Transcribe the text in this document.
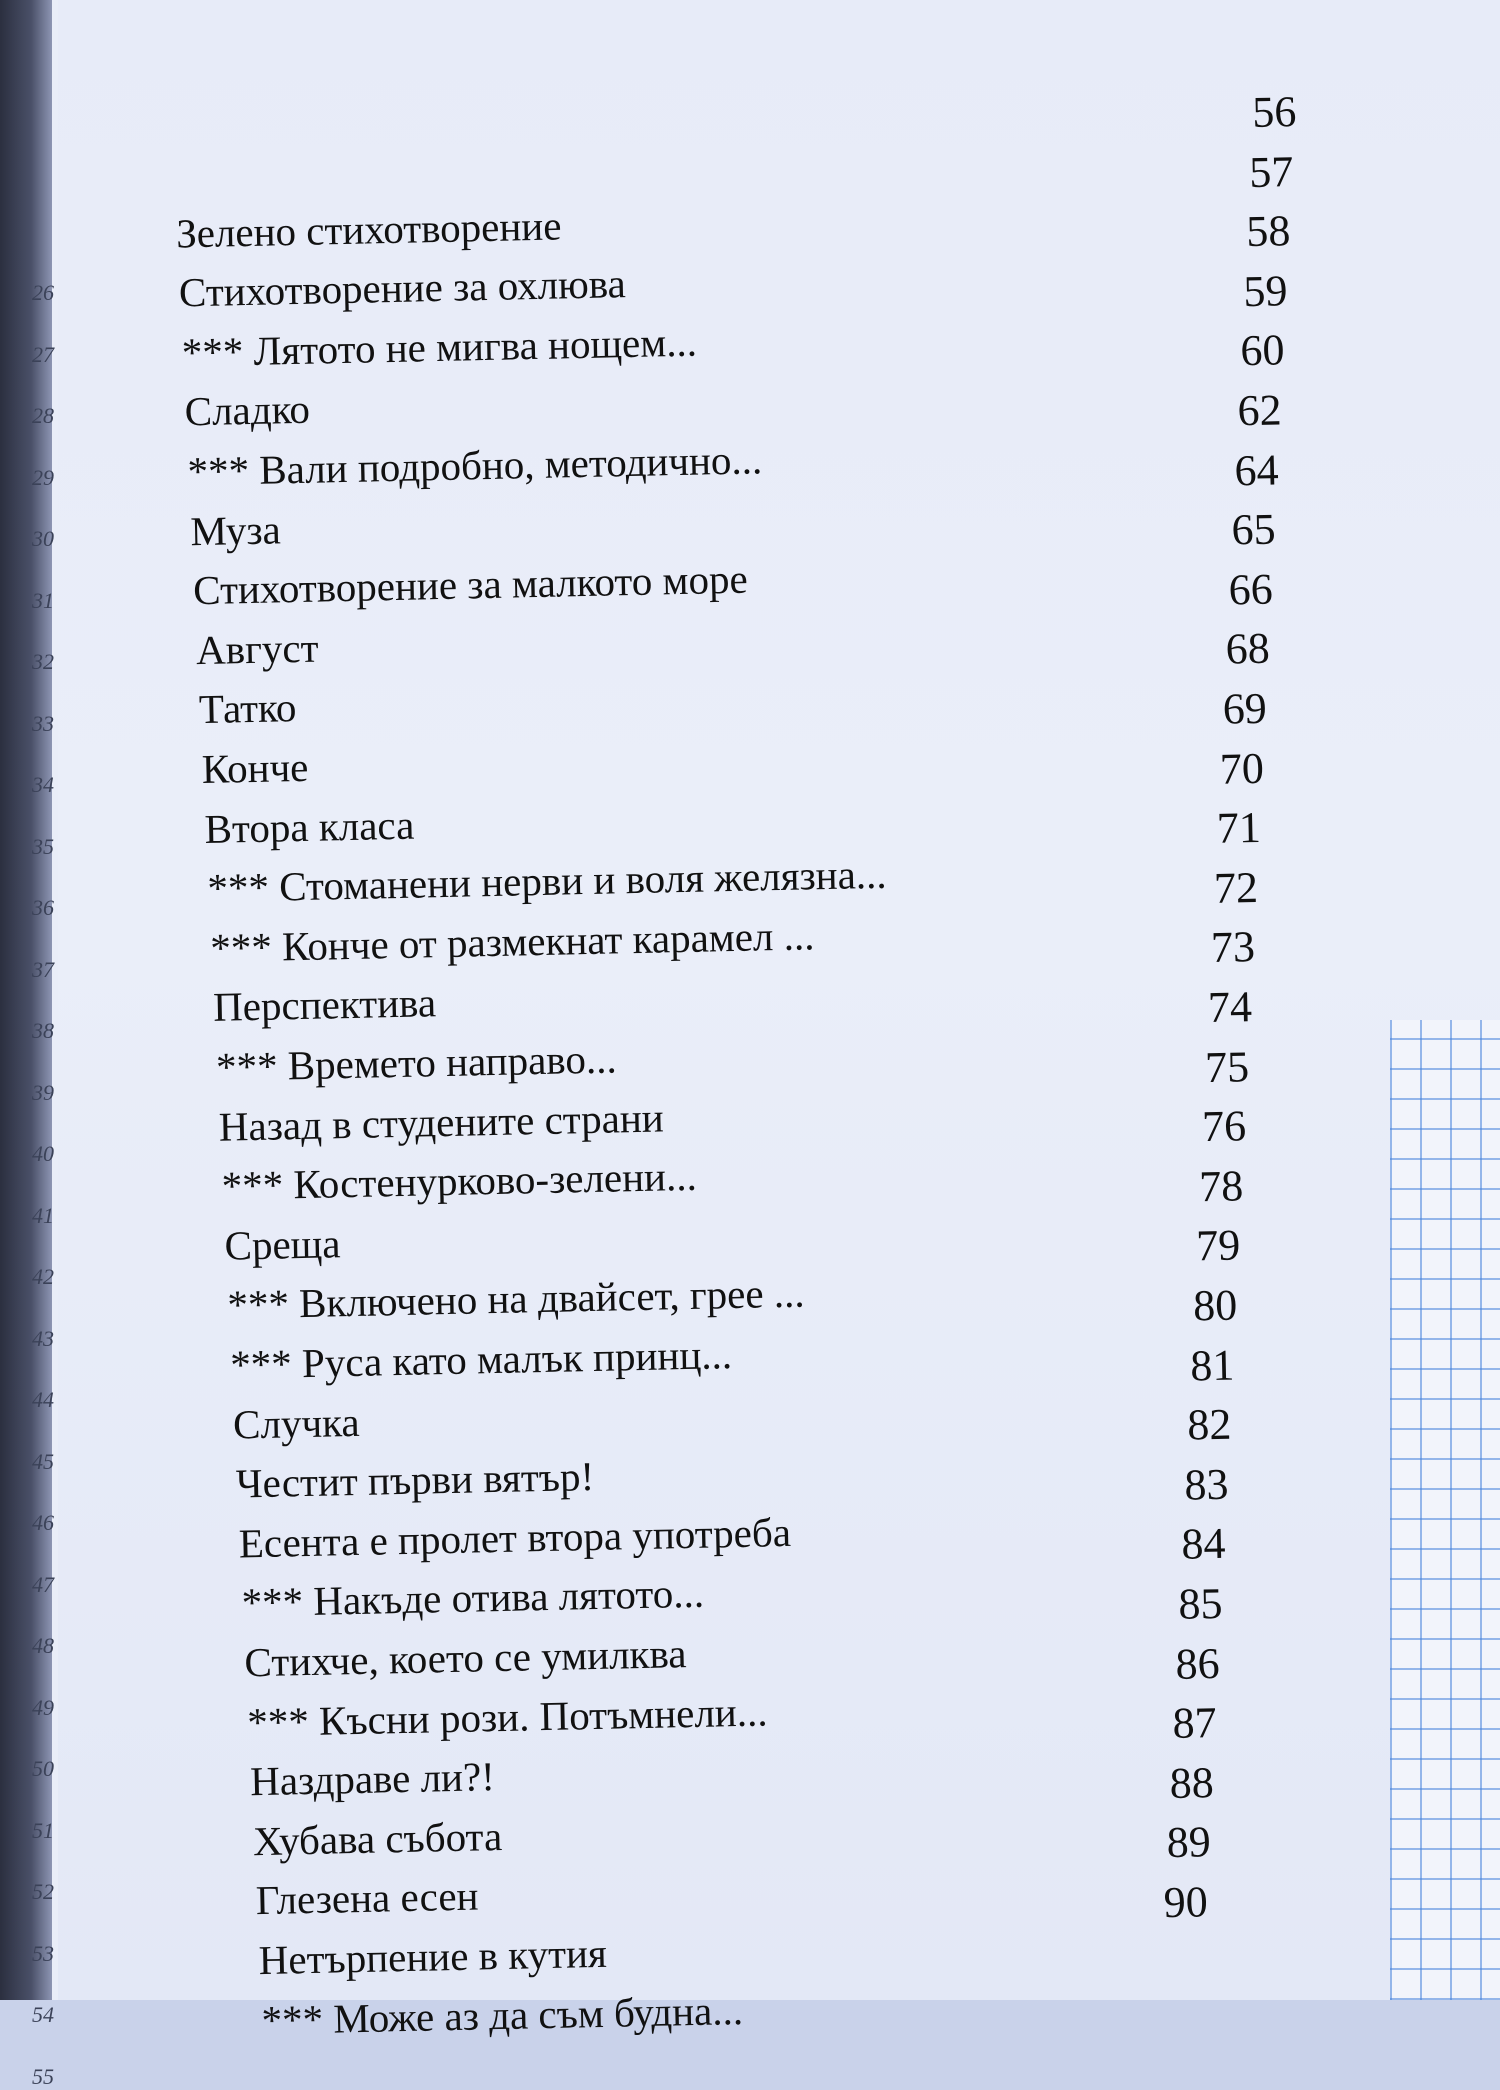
26
27
28
29
30
31
32
33
34
35
36
37
38
39
40
41
42
43
44
45
46
47
48
49
50
51
52
53
54
55
56
Зелено стихотворение
57
Стихотворение за охлюва
58
*** Лятото не мигва нощем...
59
Сладко
60
*** Вали подробно, методично...
62
Муза
64
Стихотворение за малкото море
65
Август
66
Татко
68
Конче
69
Втора класа
70
*** Стоманени нерви и воля желязна...
71
*** Конче от размекнат карамел ...
72
Перспектива
73
*** Времето направо...
74
Назад в студените страни
75
*** Костенурково-зелени...
76
Среща
78
*** Включено на двайсет, грее ...
79
*** Руса като малък принц...
80
Случка
81
Честит първи вятър!
82
Есента е пролет втора употреба
83
*** Накъде отива лятото...
84
Стихче, което се умилква
85
*** Късни рози. Потъмнели...
86
Наздраве ли?!
87
Хубава събота
88
Глезена есен
89
Нетърпение в кутия
90
*** Може аз да съм будна...
